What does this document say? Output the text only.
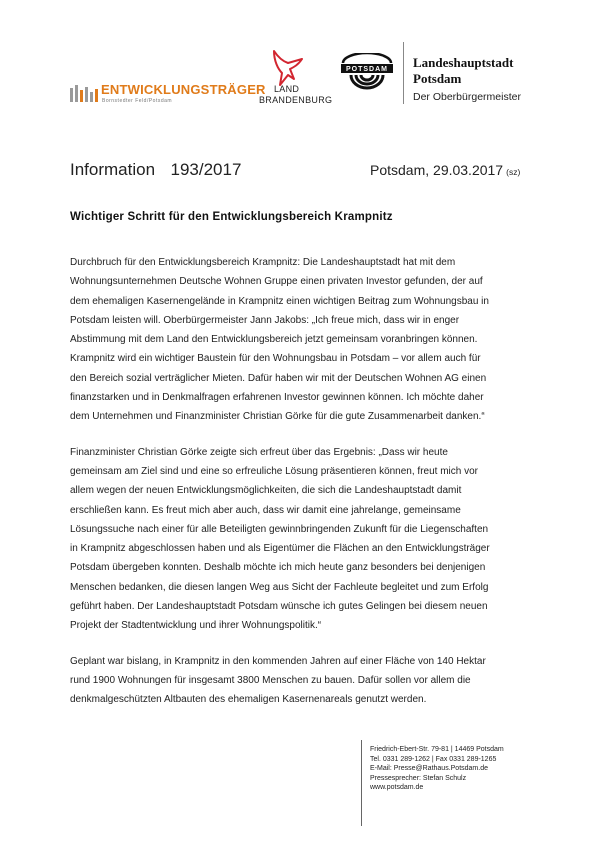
ENTWICKLUNGSTRÄGER
Bornstedter Feld/Potsdam
LAND
BRANDENBURG
POTSDAM Landeshauptstadt
Potsdam
Der Oberbürgermeister
Information  193/2017	Potsdam, 29.03.2017 (sz)
Wichtiger Schritt für den Entwicklungsbereich Krampnitz
Durchbruch für den Entwicklungsbereich Krampnitz: Die Landeshauptstadt hat mit dem
Wohnungsunternehmen Deutsche Wohnen Gruppe einen privaten Investor gefunden, der auf
dem ehemaligen Kasernengelände in Krampnitz einen wichtigen Beitrag zum Wohnungsbau in
Potsdam leisten will. Oberbürgermeister Jann Jakobs: „Ich freue mich, dass wir in enger
Abstimmung mit dem Land den Entwicklungsbereich jetzt gemeinsam voranbringen können.
Krampnitz wird ein wichtiger Baustein für den Wohnungsbau in Potsdam – vor allem auch für
den Bereich sozial verträglicher Mieten. Dafür haben wir mit der Deutschen Wohnen AG einen
finanzstarken und in Denkmalfragen erfahrenen Investor gewinnen können. Ich möchte daher
dem Unternehmen und Finanzminister Christian Görke für die gute Zusammenarbeit danken.“
Finanzminister Christian Görke zeigte sich erfreut über das Ergebnis: „Dass wir heute
gemeinsam am Ziel sind und eine so erfreuliche Lösung präsentieren können, freut mich vor
allem wegen der neuen Entwicklungsmöglichkeiten, die sich die Landeshauptstadt damit
erschließen kann. Es freut mich aber auch, dass wir damit eine jahrelange, gemeinsame
Lösungssuche nach einer für alle Beteiligten gewinnbringenden Zukunft für die Liegenschaften
in Krampnitz abgeschlossen haben und als Eigentümer die Flächen an den Entwicklungsträger
Potsdam übergeben konnten. Deshalb möchte ich mich heute ganz besonders bei denjenigen
Menschen bedanken, die diesen langen Weg aus Sicht der Fachleute begleitet und zum Erfolg
geführt haben. Der Landeshauptstadt Potsdam wünsche ich gutes Gelingen bei diesem neuen
Projekt der Stadtentwicklung und ihrer Wohnungspolitik.“
Geplant war bislang, in Krampnitz in den kommenden Jahren auf einer Fläche von 140 Hektar
rund 1900 Wohnungen für insgesamt 3800 Menschen zu bauen. Dafür sollen vor allem die
denkmalgeschützten Altbauten des ehemaligen Kasernenareals genutzt werden.
Friedrich-Ebert-Str. 79-81 | 14469 Potsdam
Tel. 0331 289-1262 | Fax 0331 289-1265
E-Mail: Presse@Rathaus.Potsdam.de
Pressesprecher: Stefan Schulz
www.potsdam.de
